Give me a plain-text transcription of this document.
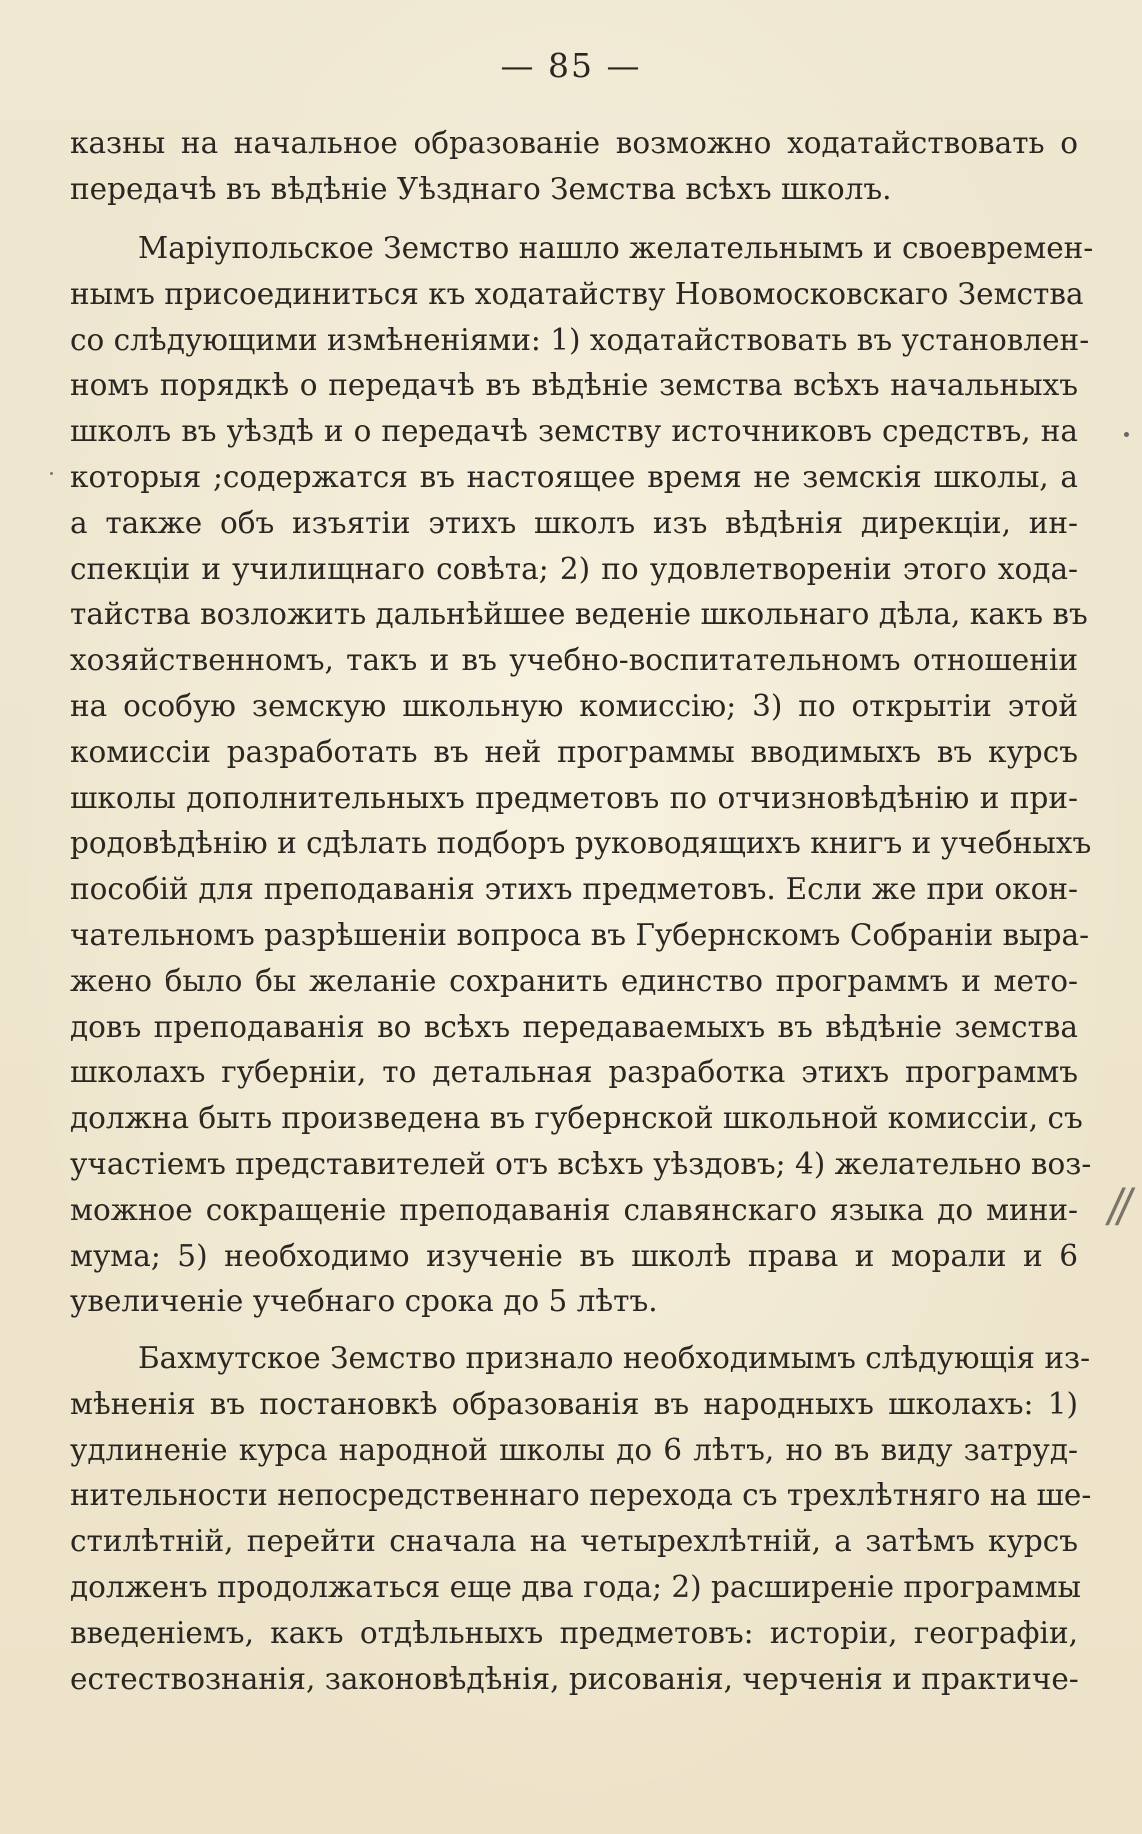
— 85 —
казны на начальное образованіе возможно ходатайствовать о
передачѣ въ вѣдѣніе Уѣзднаго Земства всѣхъ школъ.
Маріупольское Земство нашло желательнымъ и своевремен-
нымъ присоединиться къ ходатайству Новомосковскаго Земства
со слѣдующими измѣненіями: 1) ходатайствовать въ установлен-
номъ порядкѣ о передачѣ въ вѣдѣніе земства всѣхъ начальныхъ
школъ въ уѣздѣ и о передачѣ земству источниковъ средствъ, на
которыя ;содержатся въ настоящее время не земскія школы, а
а также объ изъятіи этихъ школъ изъ вѣдѣнія дирекціи, ин-
спекціи и училищнаго совѣта; 2) по удовлетвореніи этого хода-
тайства возложить дальнѣйшее веденіе школьнаго дѣла, какъ въ
хозяйственномъ, такъ и въ учебно-воспитательномъ отношеніи
на особую земскую школьную комиссію; 3) по открытіи этой
комиссіи разработать въ ней программы вводимыхъ въ курсъ
школы дополнительныхъ предметовъ по отчизновѣдѣнію и при-
родовѣдѣнію и сдѣлать подборъ руководящихъ книгъ и учебныхъ
пособій для преподаванія этихъ предметовъ. Если же при окон-
чательномъ разрѣшеніи вопроса въ Губернскомъ Собраніи выра-
жено было бы желаніе сохранить единство программъ и мето-
довъ преподаванія во всѣхъ передаваемыхъ въ вѣдѣніе земства
школахъ губерніи, то детальная разработка этихъ программъ
должна быть произведена въ губернской школьной комиссіи, съ
участіемъ представителей отъ всѣхъ уѣздовъ; 4) желательно воз-
можное сокращеніе преподаванія славянскаго языка до мини-
мума; 5) необходимо изученіе въ школѣ права и морали и 6
увеличеніе учебнаго срока до 5 лѣтъ.
Бахмутское Земство признало необходимымъ слѣдующія из-
мѣненія въ постановкѣ образованія въ народныхъ школахъ: 1)
удлиненіе курса народной школы до 6 лѣтъ, но въ виду затруд-
нительности непосредственнаго перехода съ трехлѣтняго на ше-
стилѣтній, перейти сначала на четырехлѣтній, а затѣмъ курсъ
долженъ продолжаться еще два года; 2) расширеніе программы
введеніемъ, какъ отдѣльныхъ предметовъ: исторіи, географіи,
естествознанія, законовѣдѣнія, рисованія, черченія и практиче-
//
